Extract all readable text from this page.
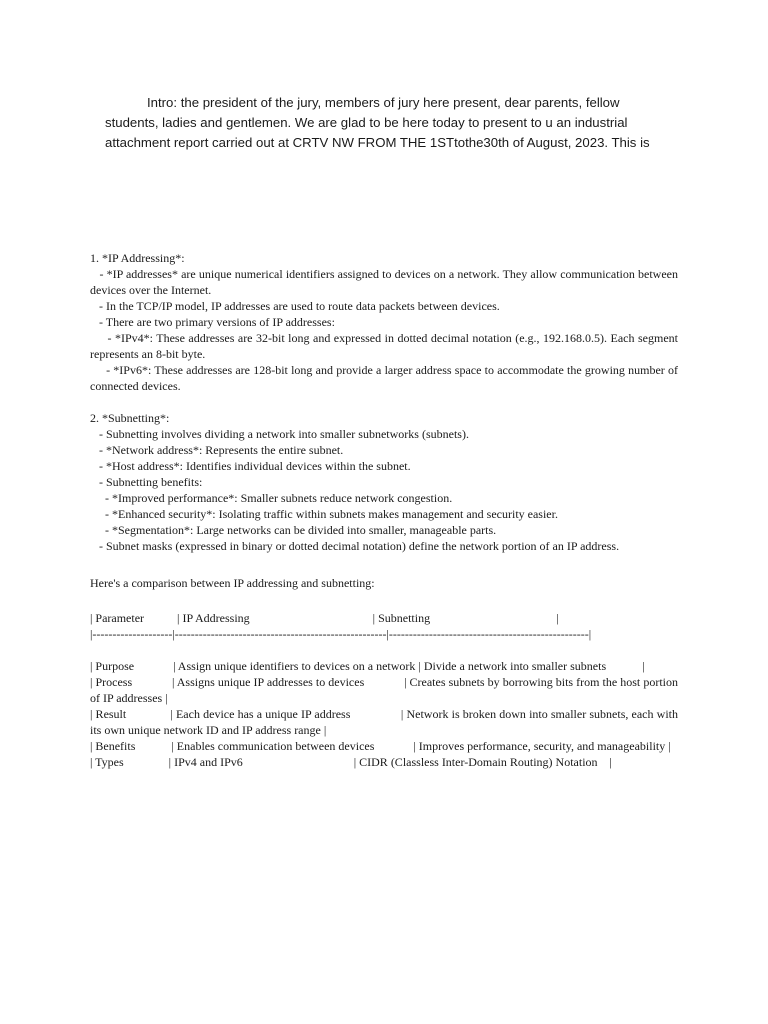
Intro: the president of the jury, members of jury here present, dear parents, fellow students, ladies and gentlemen. We are glad to be here today to present to u an industrial attachment report carried out at CRTV NW FROM THE 1STtothe30th of August, 2023. This is

1. *IP Addressing*:

- *IP addresses* are unique numerical identifiers assigned to devices on a network. They allow communication between devices over the Internet.

- In the TCP/IP model, IP addresses are used to route data packets between devices.

- There are two primary versions of IP addresses:

- *IPv4*: These addresses are 32-bit long and expressed in dotted decimal notation (e.g., 192.168.0.5). Each segment represents an 8-bit byte.

- *IPv6*: These addresses are 128-bit long and provide a larger address space to accommodate the growing number of connected devices.

2. *Subnetting*:

- Subnetting involves dividing a network into smaller subnetworks (subnets).

- *Network address*: Represents the entire subnet.

- *Host address*: Identifies individual devices within the subnet.

- Subnetting benefits:

- *Improved performance*: Smaller subnets reduce network congestion.

- *Enhanced security*: Isolating traffic within subnets makes management and security easier.

- *Segmentation*: Large networks can be divided into smaller, manageable parts.

- Subnet masks (expressed in binary or dotted decimal notation) define the network portion of an IP address.

Here's a comparison between IP addressing and subnetting:

| Parameter           | IP Addressing                                         | Subnetting                                          |

|--------------------|-----------------------------------------------------|--------------------------------------------------|

| Purpose             | Assign unique identifiers to devices on a network | Divide a network into smaller subnets            |

| Process             | Assigns unique IP addresses to devices             | Creates subnets by borrowing bits from the host portion of IP addresses |

| Result              | Each device has a unique IP address                | Network is broken down into smaller subnets, each with its own unique network ID and IP address range |

| Benefits            | Enables communication between devices             | Improves performance, security, and manageability |

| Types               | IPv4 and IPv6                                     | CIDR (Classless Inter-Domain Routing) Notation    |
